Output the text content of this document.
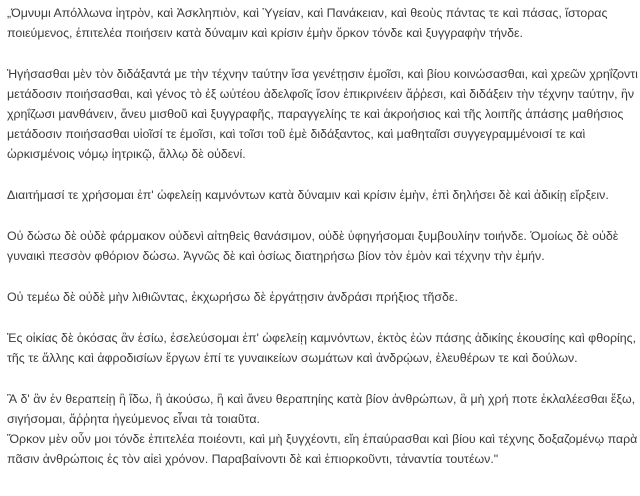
„Όμνυμι Απόλλωνα ἰητρὸν, καὶ Ἀσκληπιὸν, καὶ Ὑγείαν, καὶ Πανάκειαν, καὶ θεοὺς πάντας τε καὶ πάσας, ἵστορας
ποιεύμενος, ἐπιτελέα ποιήσειν κατὰ δύναμιν καὶ κρίσιν ἐμὴν ὅρκον τόνδε καὶ ξυγγραφὴν τήνδε.

Ἡγήσασθαι μὲν τὸν διδάξαντά με τὴν τέχνην ταύτην ἴσα γενέτῃσιν ἐμοῖσι, καὶ βίου κοινώσασθαι, καὶ χρεῶν χρηΐζοντι
μετάδοσιν ποιήσασθαι, καὶ γένος τὸ ἐξ ωὐτέου ἀδελφοῖς ἴσον ἐπικρινέειν ἄῤῥεσι, καὶ διδάξειν τὴν τέχνην ταύτην, ἢν
χρηΐζωσι μανθάνειν, ἄνευ μισθοῦ καὶ ξυγγραφῆς, παραγγελίης τε καὶ ἀκροήσιος καὶ τῆς λοιπῆς ἁπάσης μαθήσιος
μετάδοσιν ποιήσασθαι υἱοῖσί τε ἐμοῖσι, καὶ τοῖσι τοῦ ἐμὲ διδάξαντος, καὶ μαθηταῖσι συγγεγραμμένοισί τε καὶ
ὡρκισμένοις νόμῳ ἰητρικῷ, ἄλλῳ δὲ οὐδενί.

Διαιτήμασί τε χρήσομαι ἐπ' ὠφελείῃ καμνόντων κατὰ δύναμιν καὶ κρίσιν ἐμὴν, ἐπὶ δηλήσει δὲ καὶ ἀδικίῃ εἴρξειν.

Οὐ δώσω δὲ οὐδὲ φάρμακον οὐδενὶ αἰτηθεὶς θανάσιμον, οὐδὲ ὑφηγήσομαι ξυμβουλίην τοιήνδε. Ὁμοίως δὲ οὐδὲ
γυναικὶ πεσσὸν φθόριον δώσω. Ἁγνῶς δὲ καὶ ὁσίως διατηρήσω βίον τὸν ἐμὸν καὶ τέχνην τὴν ἐμήν.

Οὐ τεμέω δὲ οὐδὲ μὴν λιθιῶντας, ἐκχωρήσω δὲ ἐργάτῃσιν ἀνδράσι πρήξιος τῆσδε.

Ἐς οἰκίας δὲ ὁκόσας ἂν ἐσίω, ἐσελεύσομαι ἐπ' ὠφελείῃ καμνόντων, ἐκτὸς ἐὼν πάσης ἀδικίης ἑκουσίης καὶ φθορίης,
τῆς τε ἄλλης καὶ ἀφροδισίων ἔργων ἐπί τε γυναικείων σωμάτων καὶ ἀνδρῴων, ἐλευθέρων τε καὶ δούλων.

Ἃ δ' ἂν ἐν θεραπείῃ ἢ ἴδω, ἢ ἀκούσω, ἢ καὶ ἄνευ θεραπηίης κατὰ βίον ἀνθρώπων, ἃ μὴ χρή ποτε ἐκλαλέεσθαι ἔξω,
σιγήσομαι, ἄῤῥητα ἡγεύμενος εἶναι τὰ τοιαῦτα.
Ὅρκον μὲν οὖν μοι τόνδε ἐπιτελέα ποιέοντι, καὶ μὴ ξυγχέοντι, εἴη ἐπαύρασθαι καὶ βίου καὶ τέχνης δοξαζομένῳ παρὰ
πᾶσιν ἀνθρώποις ἐς τὸν αἰεὶ χρόνον. Παραβαίνοντι δὲ καὶ ἐπιορκοῦντι, τἀναντία τουτέων."
